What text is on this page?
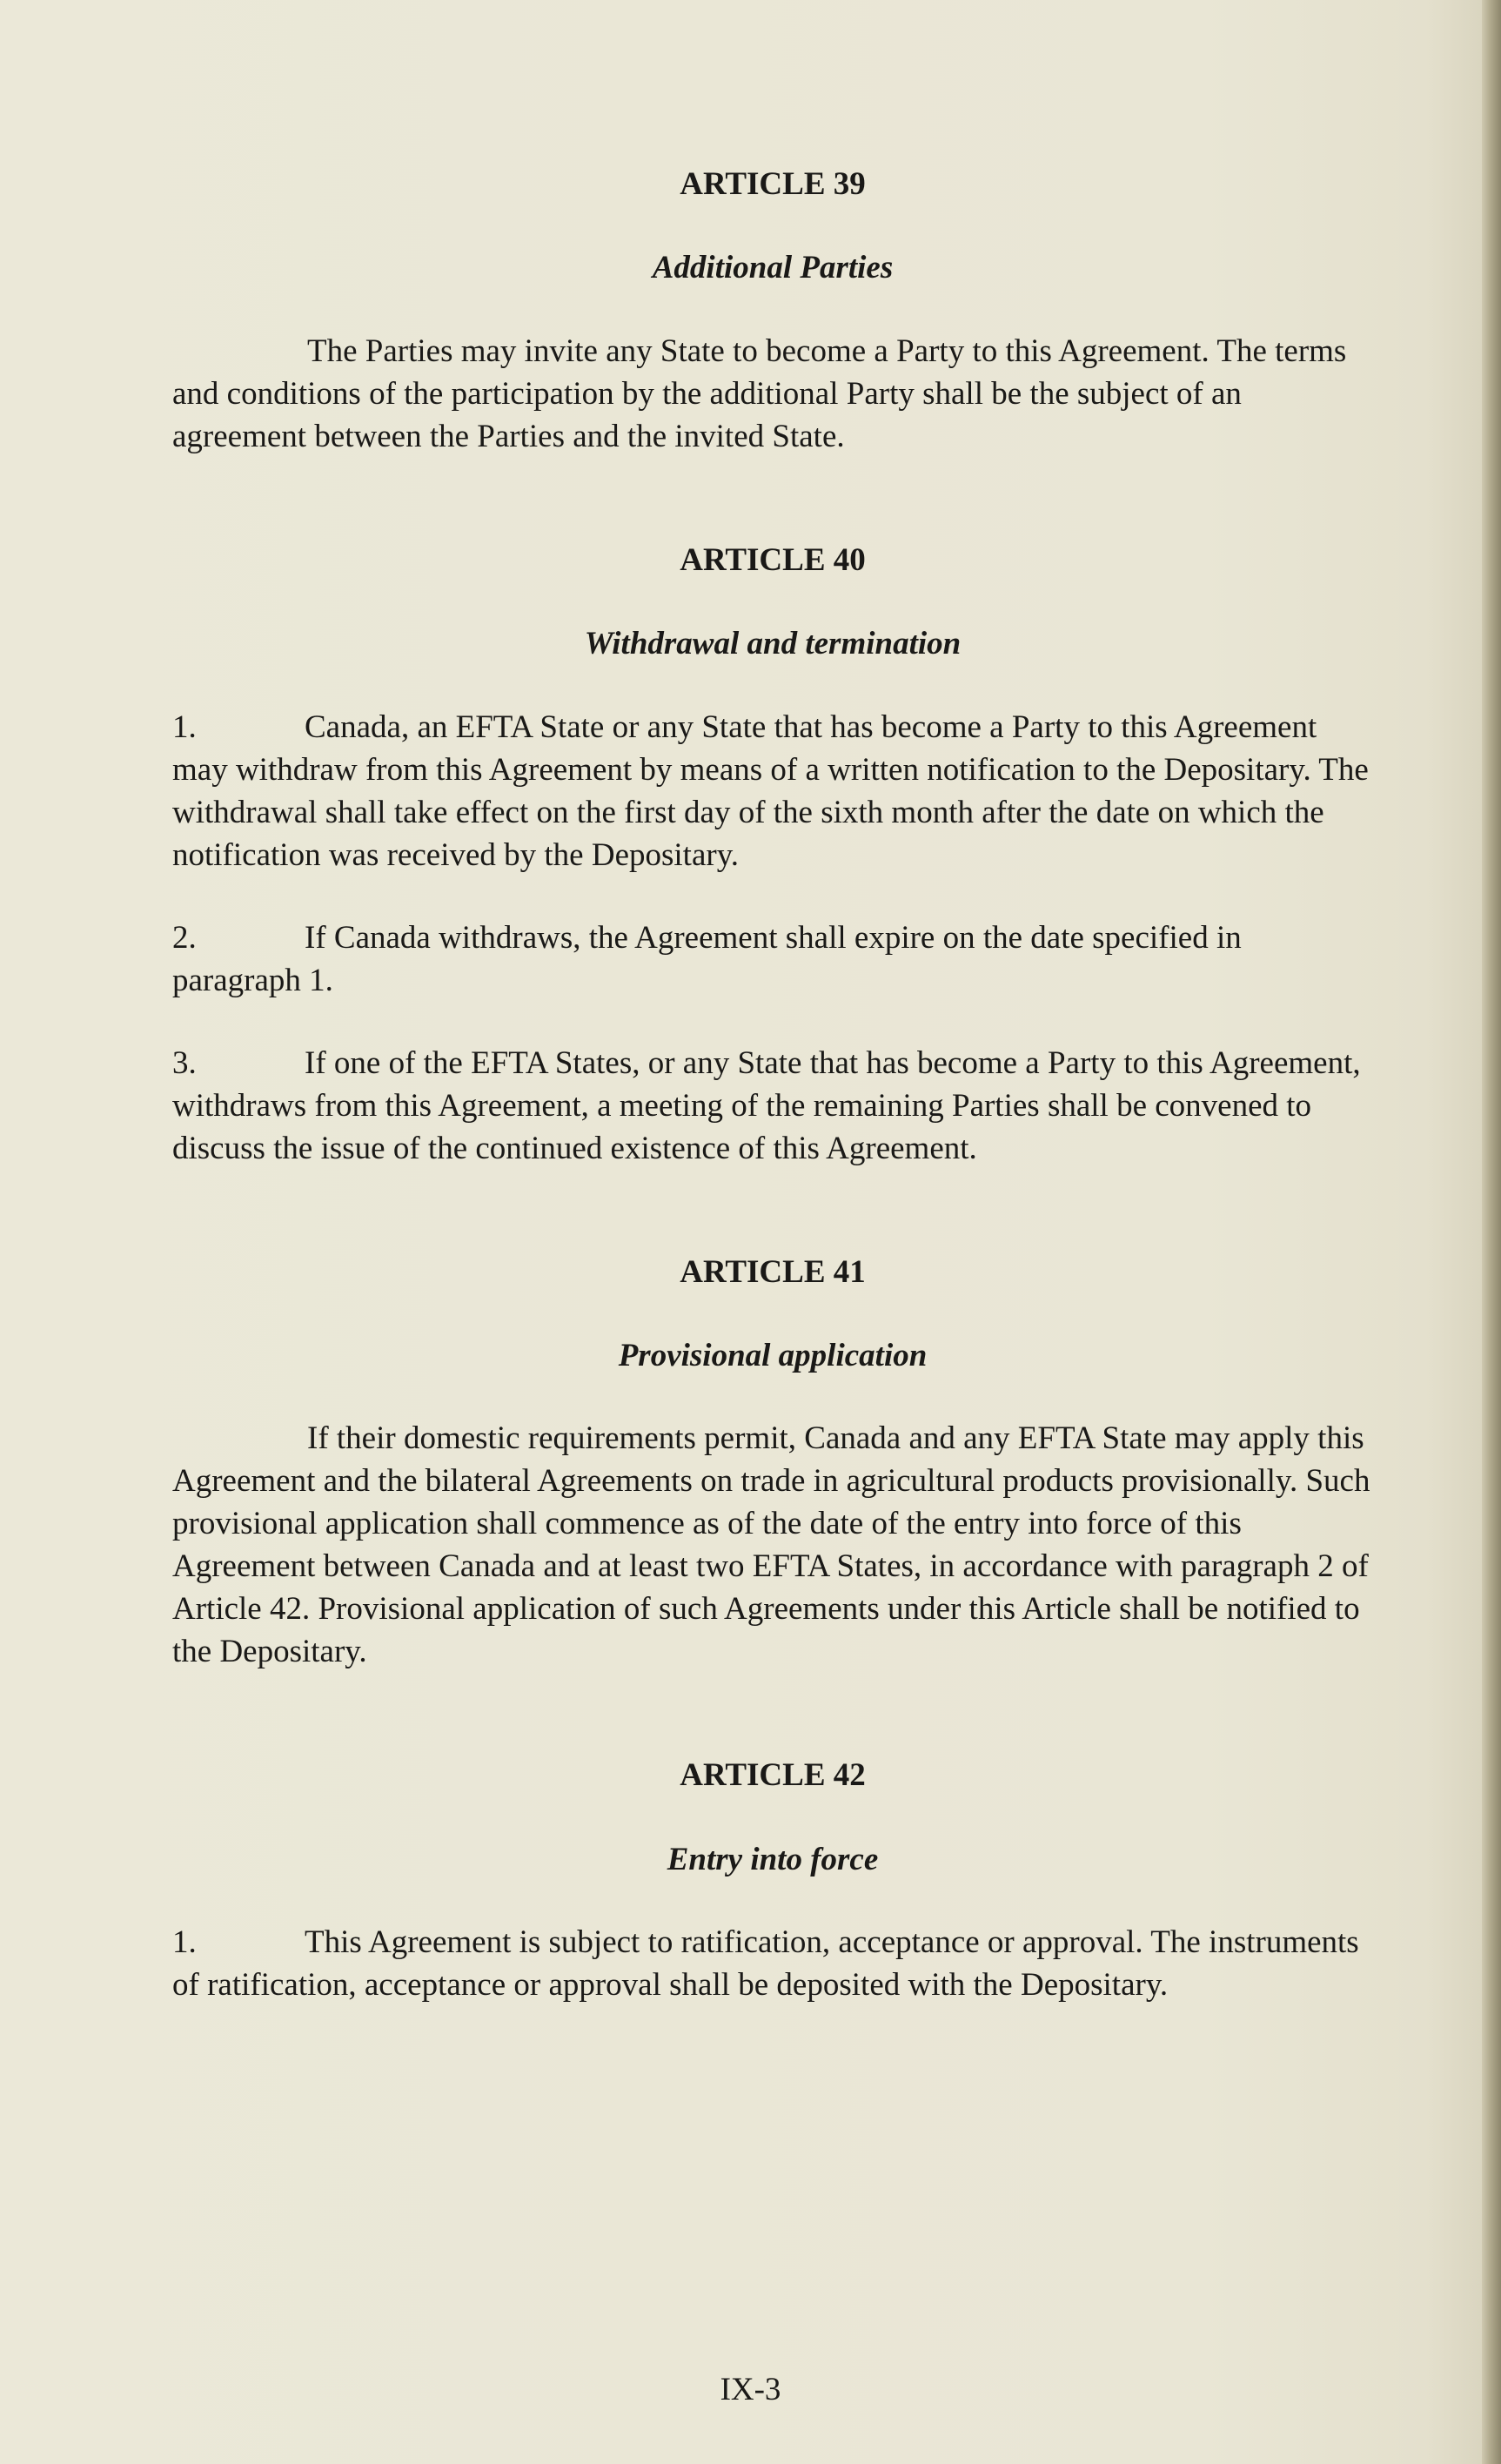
ARTICLE 39
Additional Parties

The Parties may invite any State to become a Party to this Agreement. The terms and conditions of the participation by the additional Party shall be the subject of an agreement between the Parties and the invited State.

ARTICLE 40
Withdrawal and termination

1.	Canada, an EFTA State or any State that has become a Party to this Agreement may withdraw from this Agreement by means of a written notification to the Depositary. The withdrawal shall take effect on the first day of the sixth month after the date on which the notification was received by the Depositary.

2.	If Canada withdraws, the Agreement shall expire on the date specified in paragraph 1.

3.	If one of the EFTA States, or any State that has become a Party to this Agreement, withdraws from this Agreement, a meeting of the remaining Parties shall be convened to discuss the issue of the continued existence of this Agreement.

ARTICLE 41
Provisional application

If their domestic requirements permit, Canada and any EFTA State may apply this Agreement and the bilateral Agreements on trade in agricultural products provisionally. Such provisional application shall commence as of the date of the entry into force of this Agreement between Canada and at least two EFTA States, in accordance with paragraph 2 of Article 42. Provisional application of such Agreements under this Article shall be notified to the Depositary.

ARTICLE 42
Entry into force

1.	This Agreement is subject to ratification, acceptance or approval. The instruments of ratification, acceptance or approval shall be deposited with the Depositary.

IX-3
